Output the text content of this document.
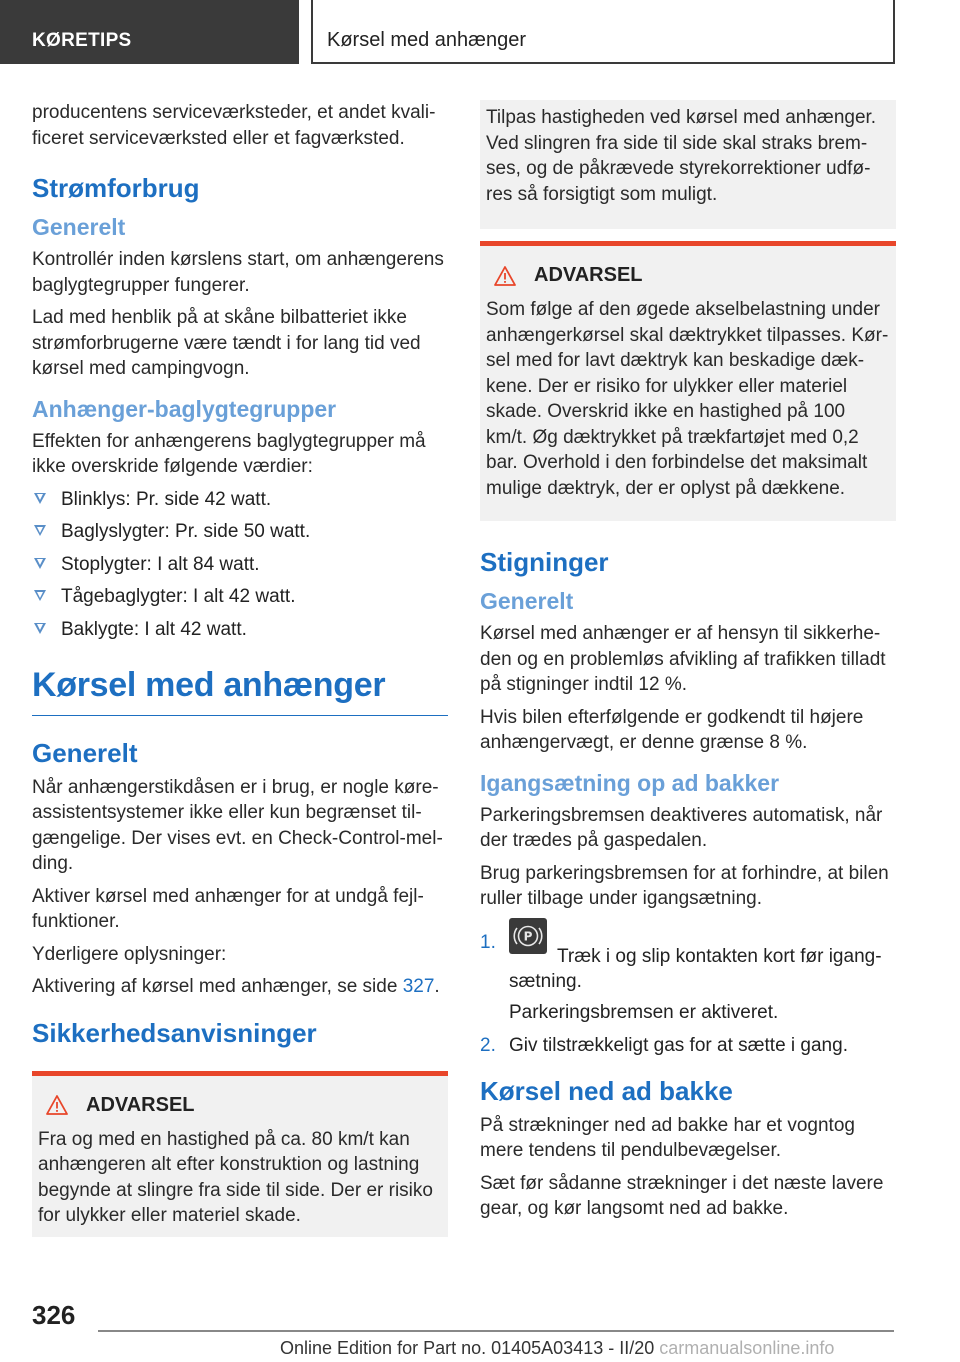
KØRETIPS	Kørsel med anhænger

producentens serviceværksteder, et andet kvalificeret serviceværksted eller et fagværksted.

Strømforbrug
Generelt

Kontrollér inden kørslens start, om anhængerens baglygtegrupper fungerer.

Lad med henblik på at skåne bilbatteriet ikke strømforbrugerne være tændt i for lang tid ved kørsel med campingvogn.

Anhænger-baglygtegrupper

Effekten for anhængerens baglygtegrupper må ikke overskride følgende værdier:

Blinklys: Pr. side 42 watt.
Baglyslygter: Pr. side 50 watt.
Stoplygter: I alt 84 watt.
Tågebaglygter: I alt 42 watt.
Baklygte: I alt 42 watt.
Kørsel med anhænger
Generelt

Når anhængerstikdåsen er i brug, er nogle køreassistentsystemer ikke eller kun begrænset tilgængelige. Der vises evt. en Check-Control-melding.

Aktiver kørsel med anhænger for at undgå fejlfunktioner.

Yderligere oplysninger:

Aktivering af kørsel med anhænger, se side 327.

Sikkerhedsanvisninger
ADVARSEL

Fra og med en hastighed på ca. 80 km/t kan anhængeren alt efter konstruktion og lastning begynde at slingre fra side til side. Der er risiko for ulykker eller materiel skade.

Tilpas hastigheden ved kørsel med anhænger. Ved slingren fra side til side skal straks bremses, og de påkrævede styrekorrektioner udføres så forsigtigt som muligt.

ADVARSEL

Som følge af den øgede akselbelastning under anhængerkørsel skal dæktrykket tilpasses. Kørsel med for lavt dæktryk kan beskadige dækkene. Der er risiko for ulykker eller materiel skade. Overskrid ikke en hastighed på 100 km/t. Øg dæktrykket på trækfartøjet med 0,2 bar. Overhold i den forbindelse det maksimalt mulige dæktryk, der er oplyst på dækkene.

Stigninger
Generelt

Kørsel med anhænger er af hensyn til sikkerheden og en problemløs afvikling af trafikken tilladt på stigninger indtil 12 %.

Hvis bilen efterfølgende er godkendt til højere anhængervægt, er denne grænse 8 %.

Igangsætning op ad bakker

Parkeringsbremsen deaktiveres automatisk, når der trædes på gaspedalen.

Brug parkeringsbremsen for at forhindre, at bilen ruller tilbage under igangsætning.

1. P
Træk i og slip kontakten kort før igangsætning.
Parkeringsbremsen er aktiveret.
2. Giv tilstrækkeligt gas for at sætte i gang.
Kørsel ned ad bakke

På strækninger ned ad bakke har et vogntog mere tendens til pendulbevægelser.

Sæt før sådanne strækninger i det næste lavere gear, og kør langsomt ned ad bakke.

326
Online Edition for Part no. 01405A03413 - II/20 carmanualsonline.info
